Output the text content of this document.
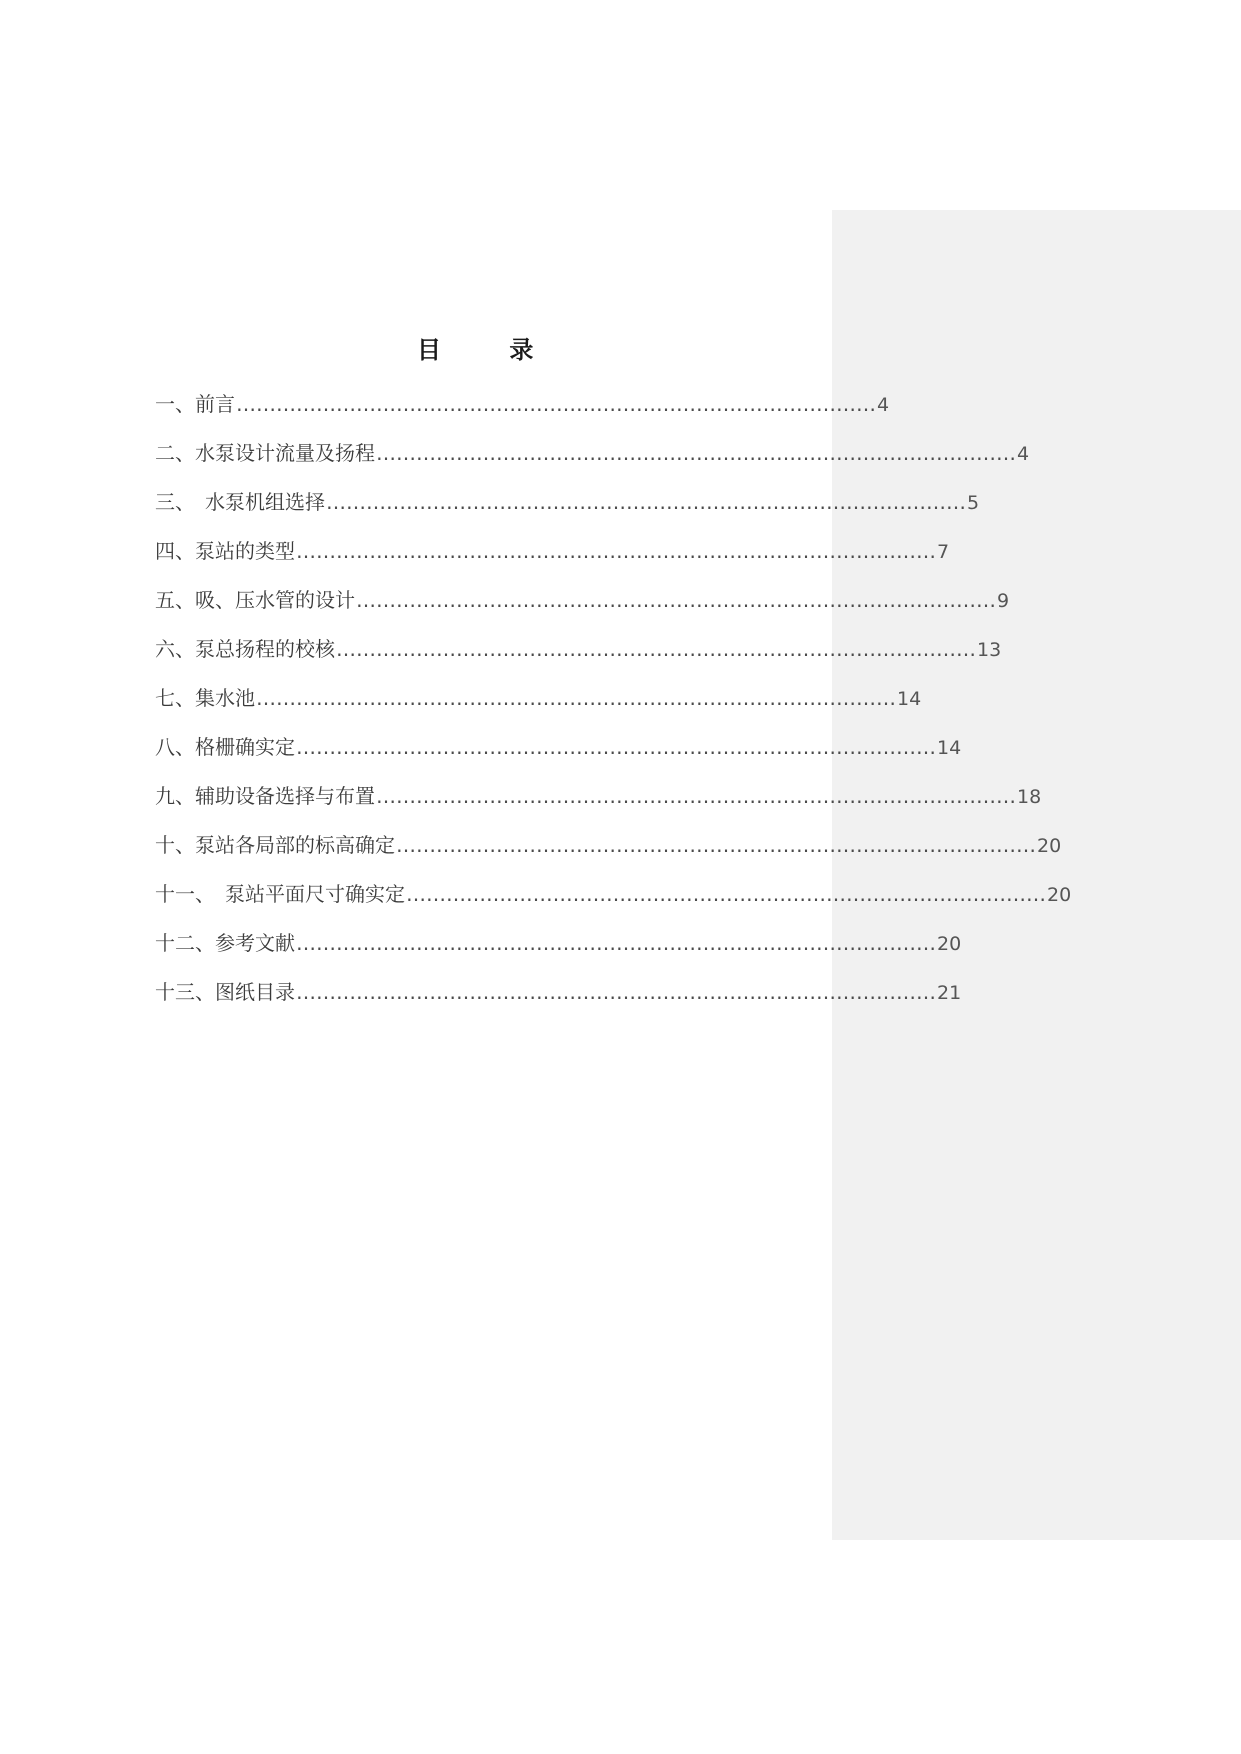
目 录
一、前言 …………………………………………………………………………………… 4
二、水泵设计流量及扬程 …………………………………………………………………………………… 4
三、　水泵机组选择 …………………………………………………………………………………… 5
四、泵站的类型 …………………………………………………………………………………… 7
五、吸、压水管的设计 …………………………………………………………………………………… 9
六、泵总扬程的校核 …………………………………………………………………………………… 13
七、集水池 …………………………………………………………………………………… 14
八、格栅确实定 …………………………………………………………………………………… 14
九、辅助设备选择与布置 …………………………………………………………………………………… 18
十、泵站各局部的标高确定 …………………………………………………………………………………… 20
十一、　泵站平面尺寸确实定 …………………………………………………………………………………… 20
十二、参考文献 …………………………………………………………………………………… 20
十三、图纸目录 …………………………………………………………………………………… 21
